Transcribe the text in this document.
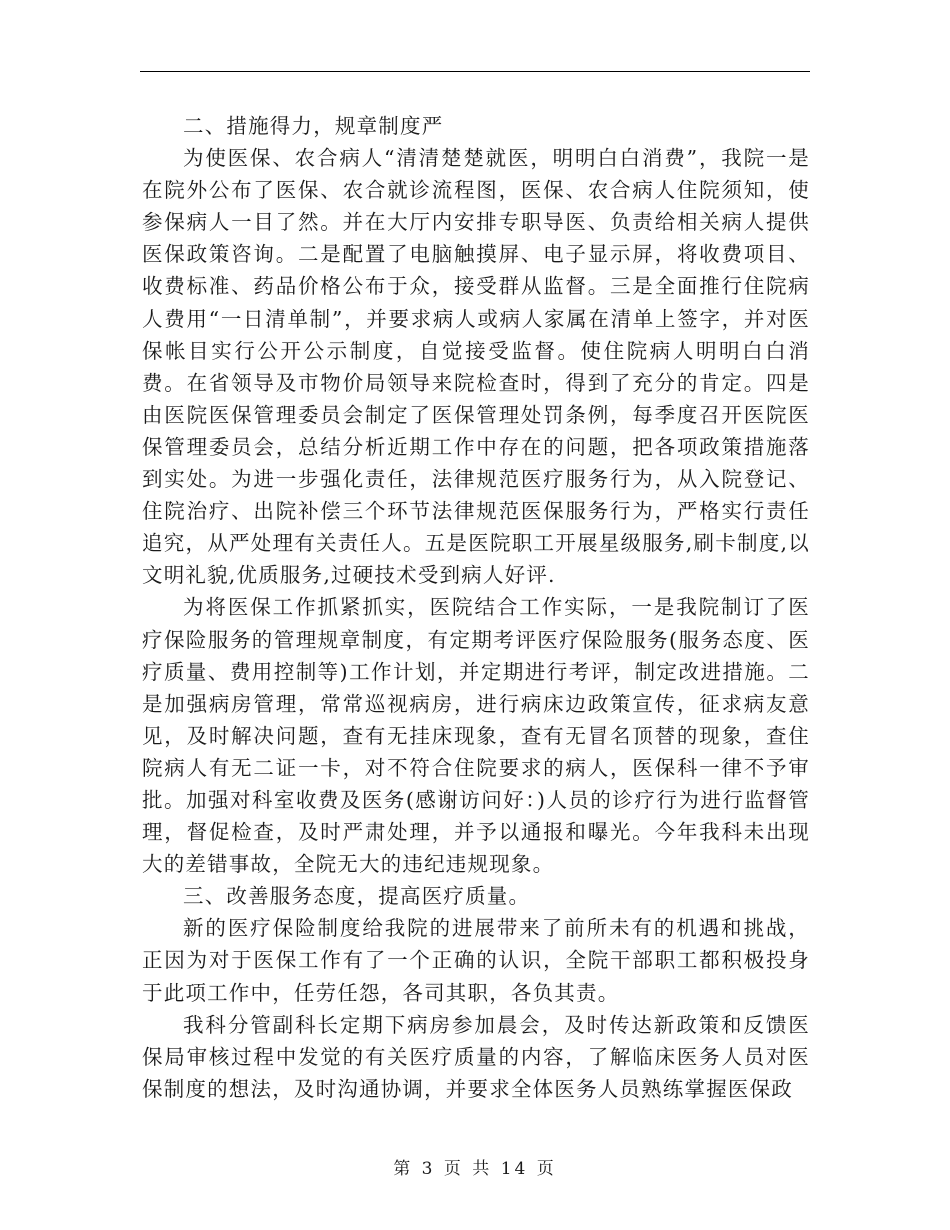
二、措施得力，规章制度严

为使医保、农合病人“清清楚楚就医，明明白白消费”，我院一是在院外公布了医保、农合就诊流程图，医保、农合病人住院须知，使参保病人一目了然。并在大厅内安排专职导医、负责给相关病人提供医保政策咨询。二是配置了电脑触摸屏、电子显示屏，将收费项目、收费标准、药品价格公布于众，接受群从监督。三是全面推行住院病人费用“一日清单制”，并要求病人或病人家属在清单上签字，并对医保帐目实行公开公示制度，自觉接受监督。使住院病人明明白白消费。在省领导及市物价局领导来院检查时，得到了充分的肯定。四是由医院医保管理委员会制定了医保管理处罚条例，每季度召开医院医保管理委员会，总结分析近期工作中存在的问题，把各项政策措施落到实处。为进一步强化责任，法律规范医疗服务行为，从入院登记、住院治疗、出院补偿三个环节法律规范医保服务行为，严格实行责任追究，从严处理有关责任人。五是医院职工开展星级服务,刷卡制度,以文明礼貌,优质服务,过硬技术受到病人好评.

为将医保工作抓紧抓实，医院结合工作实际，一是我院制订了医疗保险服务的管理规章制度，有定期考评医疗保险服务(服务态度、医疗质量、费用控制等)工作计划，并定期进行考评，制定改进措施。二是加强病房管理，常常巡视病房，进行病床边政策宣传，征求病友意见，及时解决问题，查有无挂床现象，查有无冒名顶替的现象，查住院病人有无二证一卡，对不符合住院要求的病人，医保科一律不予审批。加强对科室收费及医务(感谢访问好：)人员的诊疗行为进行监督管理，督促检查，及时严肃处理，并予以通报和曝光。今年我科未出现大的差错事故，全院无大的违纪违规现象。

三、改善服务态度，提高医疗质量。

新的医疗保险制度给我院的进展带来了前所未有的机遇和挑战，正因为对于医保工作有了一个正确的认识，全院干部职工都积极投身于此项工作中，任劳任怨，各司其职，各负其责。

我科分管副科长定期下病房参加晨会，及时传达新政策和反馈医保局审核过程中发觉的有关医疗质量的内容，了解临床医务人员对医保制度的想法，及时沟通协调，并要求全体医务人员熟练掌握医保政

第 3 页 共 14 页
